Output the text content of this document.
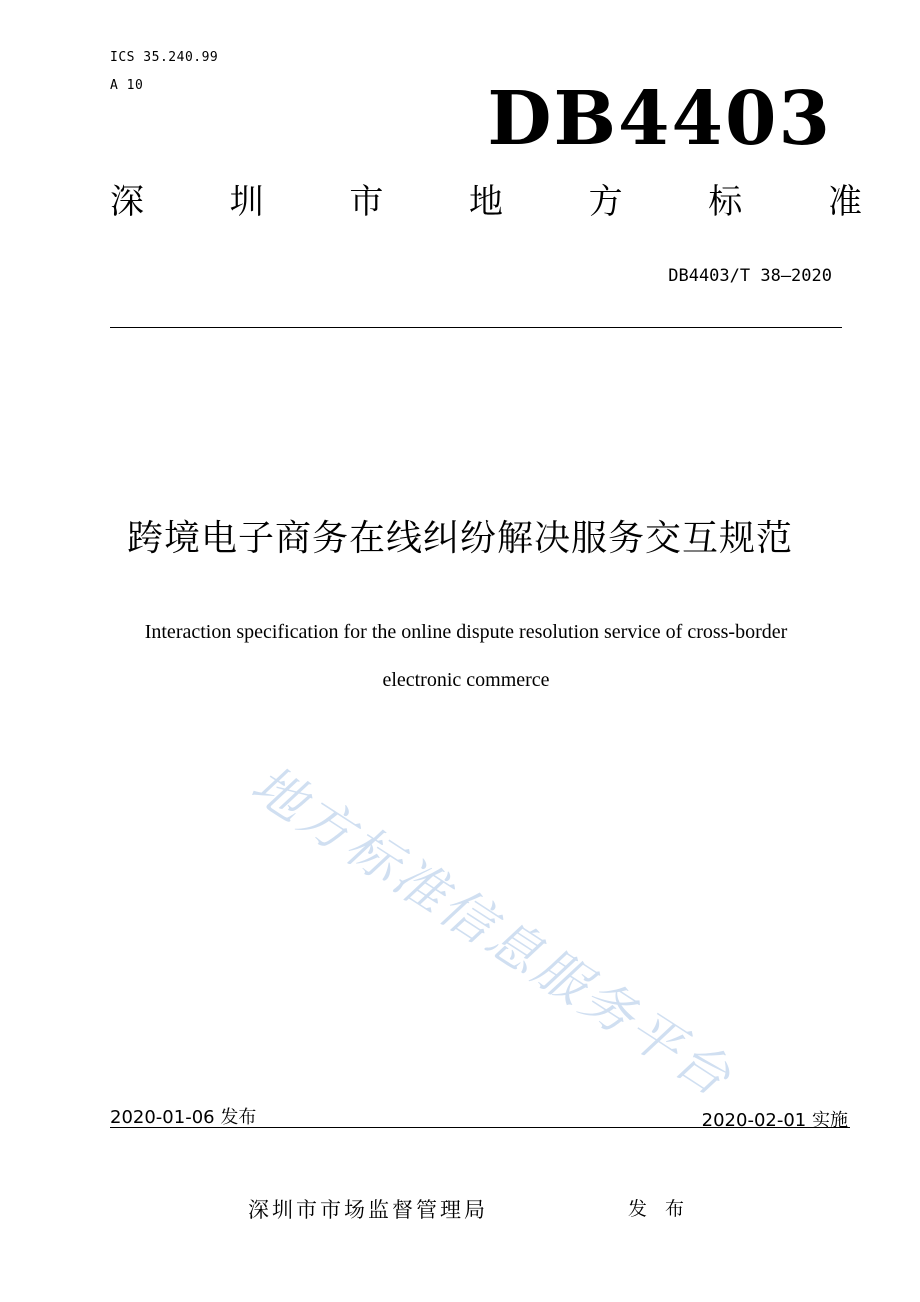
ICS 35.240.99
A 10	DB4403
深	圳	市	地	方	标	准
DB4403/T 38—2020
跨境电子商务在线纠纷解决服务交互规范
Interaction specification for the online dispute resolution service of cross-border
electronic commerce
地方标准信息服务平台
2020-01-06 发布	2020-02-01 实施
深圳市市场监督管理局	发 布
